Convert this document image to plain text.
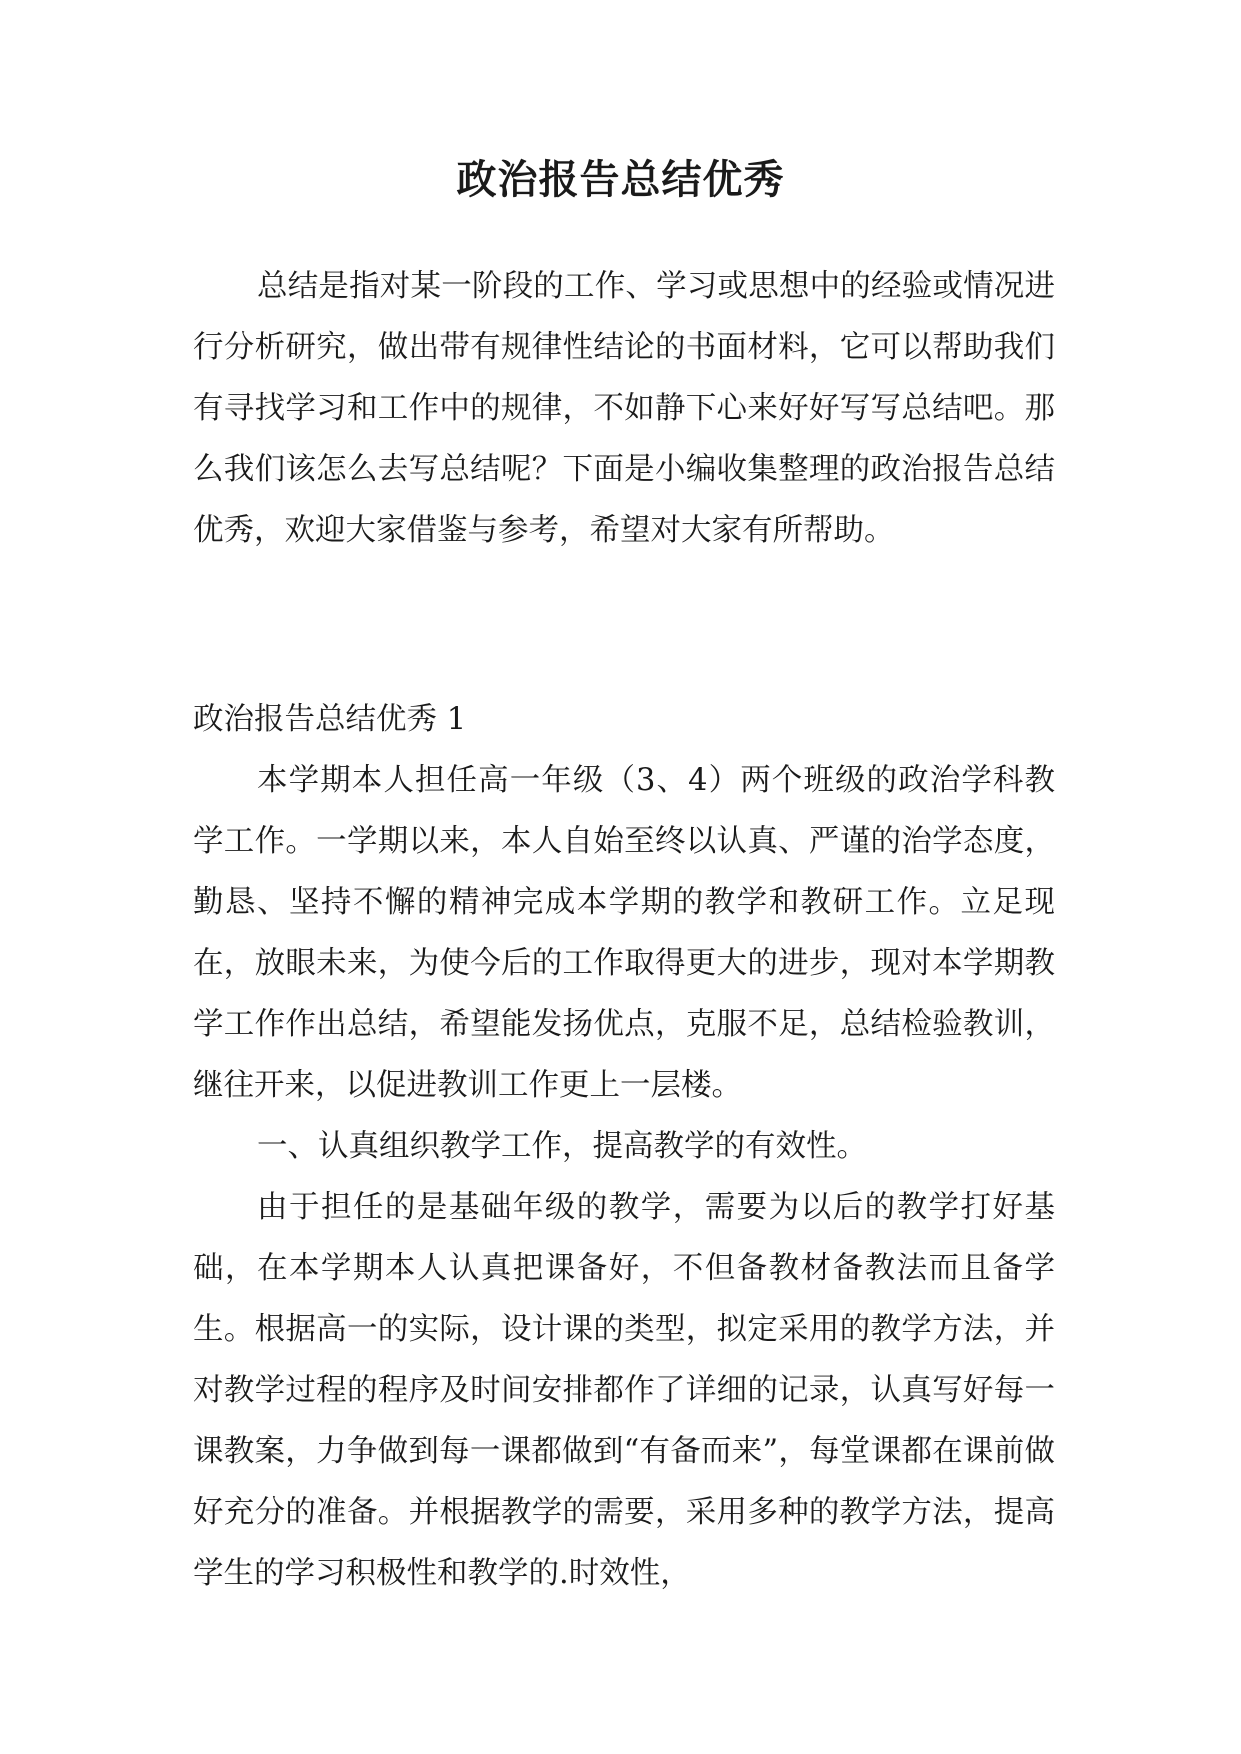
政治报告总结优秀

总结是指对某一阶段的工作、学习或思想中的经验或情况进行分析研究，做出带有规律性结论的书面材料，它可以帮助我们有寻找学习和工作中的规律，不如静下心来好好写写总结吧。那么我们该怎么去写总结呢？下面是小编收集整理的政治报告总结优秀，欢迎大家借鉴与参考，希望对大家有所帮助。

政治报告总结优秀 1

本学期本人担任高一年级（3、4）两个班级的政治学科教学工作。一学期以来，本人自始至终以认真、严谨的治学态度，勤恳、坚持不懈的精神完成本学期的教学和教研工作。立足现在，放眼未来，为使今后的工作取得更大的进步，现对本学期教学工作作出总结，希望能发扬优点，克服不足，总结检验教训，继往开来，以促进教训工作更上一层楼。

一、认真组织教学工作，提高教学的有效性。

由于担任的是基础年级的教学，需要为以后的教学打好基础，在本学期本人认真把课备好，不但备教材备教法而且备学生。根据高一的实际，设计课的类型，拟定采用的教学方法，并对教学过程的程序及时间安排都作了详细的记录，认真写好每一课教案，力争做到每一课都做到“有备而来”，每堂课都在课前做好充分的准备。并根据教学的需要，采用多种的教学方法，提高学生的学习积极性和教学的.时效性，
